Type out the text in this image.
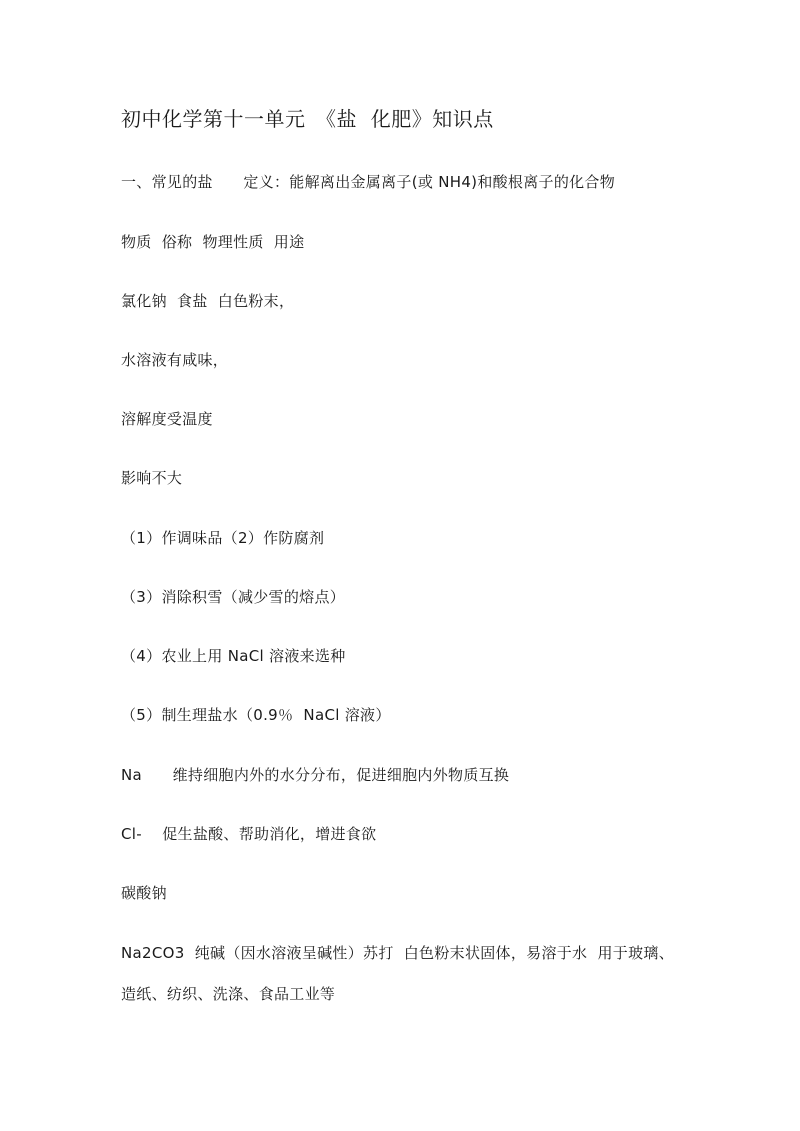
初中化学第十一单元　《盐  化肥》知识点
一、常见的盐　　定义：能解离出金属离子(或 NH4)和酸根离子的化合物
物质  俗称  物理性质  用途
氯化钠  食盐  白色粉末，
水溶液有咸味，
溶解度受温度
影响不大
（1）作调味品（2）作防腐剂
（3）消除积雪（减少雪的熔点）
（4）农业上用 NaCl 溶液来选种
（5）制生理盐水（0.9％  NaCl 溶液）
Na　　维持细胞内外的水分分布，促进细胞内外物质互换
Cl-    促生盐酸、帮助消化，增进食欲
碳酸钠
Na2CO3  纯碱（因水溶液呈碱性）苏打  白色粉末状固体，易溶于水  用于玻璃、
造纸、纺织、洗涤、食品工业等
